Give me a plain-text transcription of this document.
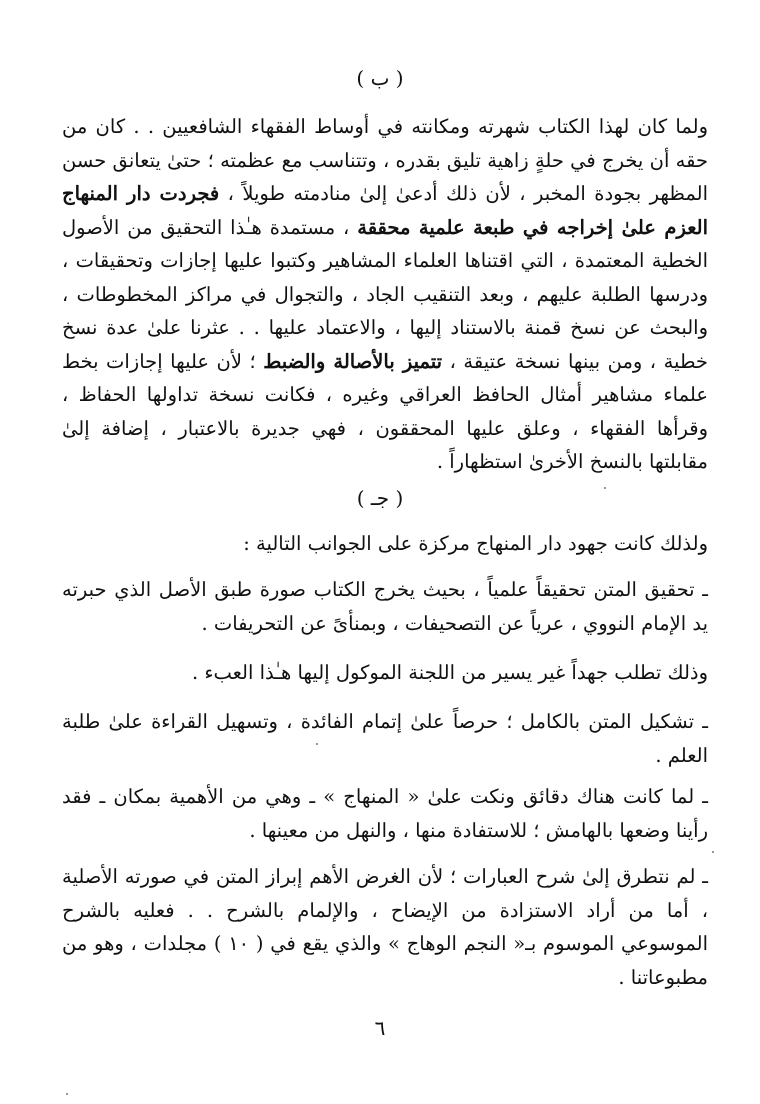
( ب )
ولما كان لهذا الكتاب شهرته ومكانته في أوساط الفقهاء الشافعيين . . كان من حقه أن يخرج في حلةٍ زاهية تليق بقدره ، وتتناسب مع عظمته ؛ حتىٰ يتعانق حسن المظهر بجودة المخبر ، لأن ذلك أدعىٰ إلىٰ منادمته طويلاً ، فجردت دار المنهاج العزم علىٰ إخراجه في طبعة علمية محققة ، مستمدة هـٰذا التحقيق من الأصول الخطية المعتمدة ، التي اقتناها العلماء المشاهير وكتبوا عليها إجازات وتحقيقات ، ودرسها الطلبة عليهم ، وبعد التنقيب الجاد ، والتجوال في مراكز المخطوطات ، والبحث عن نسخ قمنة بالاستناد إليها ، والاعتماد عليها . . عثرنا علىٰ عدة نسخ خطية ، ومن بينها نسخة عتيقة ، تتميز بالأصالة والضبط ؛ لأن عليها إجازات بخط علماء مشاهير أمثال الحافظ العراقي وغيره ، فكانت نسخة تداولها الحفاظ ، وقرأها الفقهاء ، وعلق عليها المحققون ، فهي جديرة بالاعتبار ، إضافة إلىٰ مقابلتها بالنسخ الأخرىٰ استظهاراً .
( جـ )
ولذلك كانت جهود دار المنهاج مركزة على الجوانب التالية :
ـ تحقيق المتن تحقيقاً علمياً ، بحيث يخرج الكتاب صورة طبق الأصل الذي حبرته يد الإمام النووي ، عرياً عن التصحيفات ، وبمنأىً عن التحريفات .
وذلك تطلب جهداً غير يسير من اللجنة الموكول إليها هـٰذا العبء .
ـ تشكيل المتن بالكامل ؛ حرصاً علىٰ إتمام الفائدة ، وتسهيل القراءة علىٰ طلبة العلم .
ـ لما كانت هناك دقائق ونكت علىٰ « المنهاج » ـ وهي من الأهمية بمكان ـ فقد رأينا وضعها بالهامش ؛ للاستفادة منها ، والنهل من معينها .
ـ لم نتطرق إلىٰ شرح العبارات ؛ لأن الغرض الأهم إبراز المتن في صورته الأصلية ، أما من أراد الاستزادة من الإيضاح ، والإلمام بالشرح . . فعليه بالشرح الموسوعي الموسوم بـ« النجم الوهاج » والذي يقع في ( ١٠ ) مجلدات ، وهو من مطبوعاتنا .
٦
